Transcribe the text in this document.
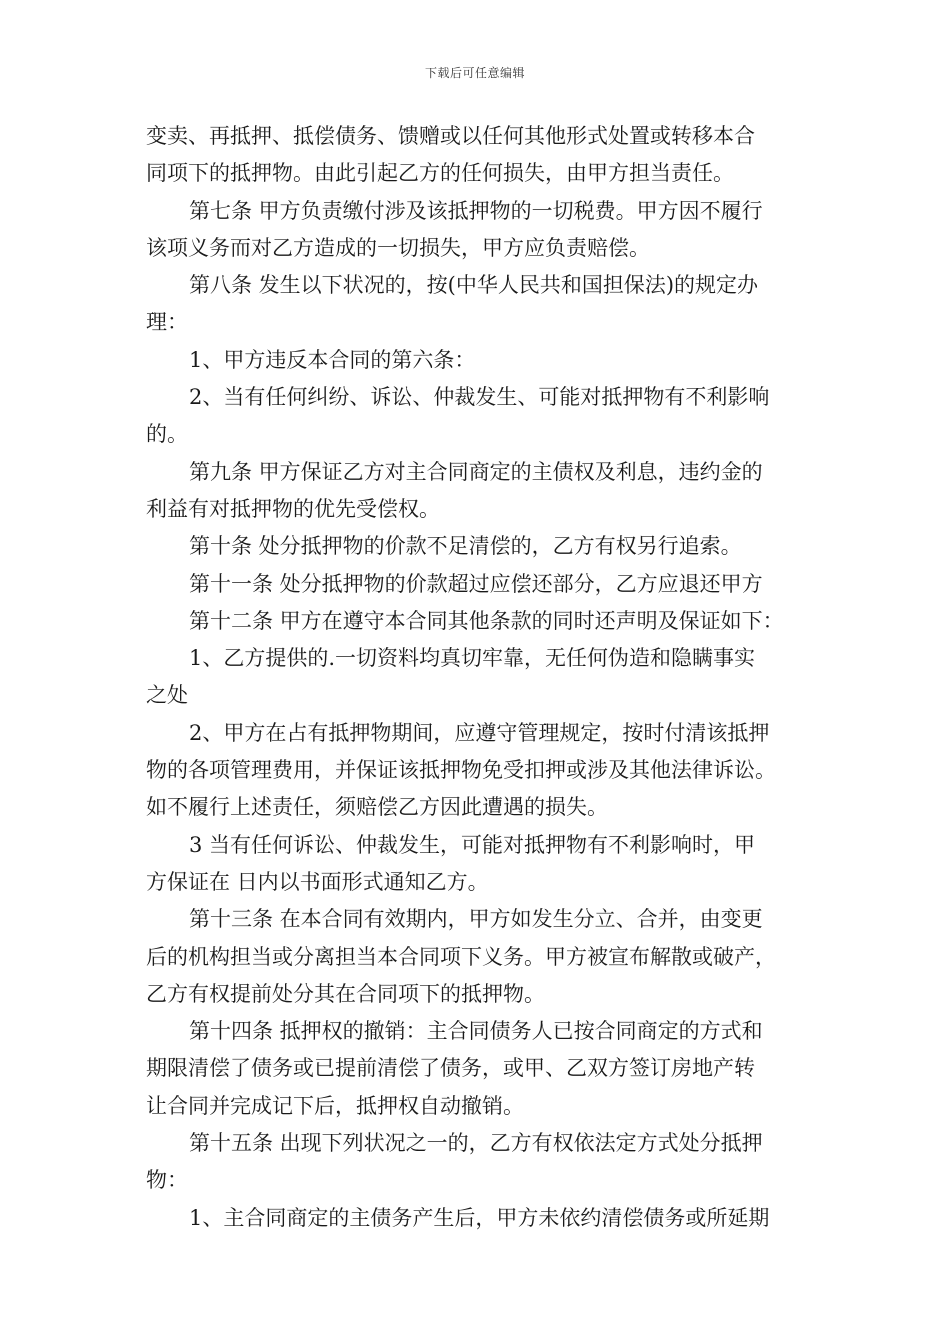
下载后可任意编辑
变卖、再抵押、抵偿债务、馈赠或以任何其他形式处置或转移本合
同项下的抵押物。由此引起乙方的任何损失，由甲方担当责任。
第七条 甲方负责缴付涉及该抵押物的一切税费。甲方因不履行
该项义务而对乙方造成的一切损失，甲方应负责赔偿。
第八条 发生以下状况的，按(中华人民共和国担保法)的规定办
理：
1、甲方违反本合同的第六条：
2、当有任何纠纷、诉讼、仲裁发生、可能对抵押物有不利影响
的。
第九条 甲方保证乙方对主合同商定的主债权及利息，违约金的
利益有对抵押物的优先受偿权。
第十条 处分抵押物的价款不足清偿的，乙方有权另行追索。
第十一条 处分抵押物的价款超过应偿还部分，乙方应退还甲方
第十二条 甲方在遵守本合同其他条款的同时还声明及保证如下：
1、乙方提供的.一切资料均真切牢靠，无任何伪造和隐瞒事实
之处
2、甲方在占有抵押物期间，应遵守管理规定，按时付清该抵押
物的各项管理费用，并保证该抵押物免受扣押或涉及其他法律诉讼。
如不履行上述责任，须赔偿乙方因此遭遇的损失。
3 当有任何诉讼、仲裁发生，可能对抵押物有不利影响时，甲
方保证在 日内以书面形式通知乙方。
第十三条 在本合同有效期内，甲方如发生分立、合并，由变更
后的机构担当或分离担当本合同项下义务。甲方被宣布解散或破产，
乙方有权提前处分其在合同项下的抵押物。
第十四条 抵押权的撤销：主合同债务人已按合同商定的方式和
期限清偿了债务或已提前清偿了债务，或甲、乙双方签订房地产转
让合同并完成记下后，抵押权自动撤销。
第十五条 出现下列状况之一的，乙方有权依法定方式处分抵押
物：
1、主合同商定的主债务产生后，甲方未依约清偿债务或所延期
